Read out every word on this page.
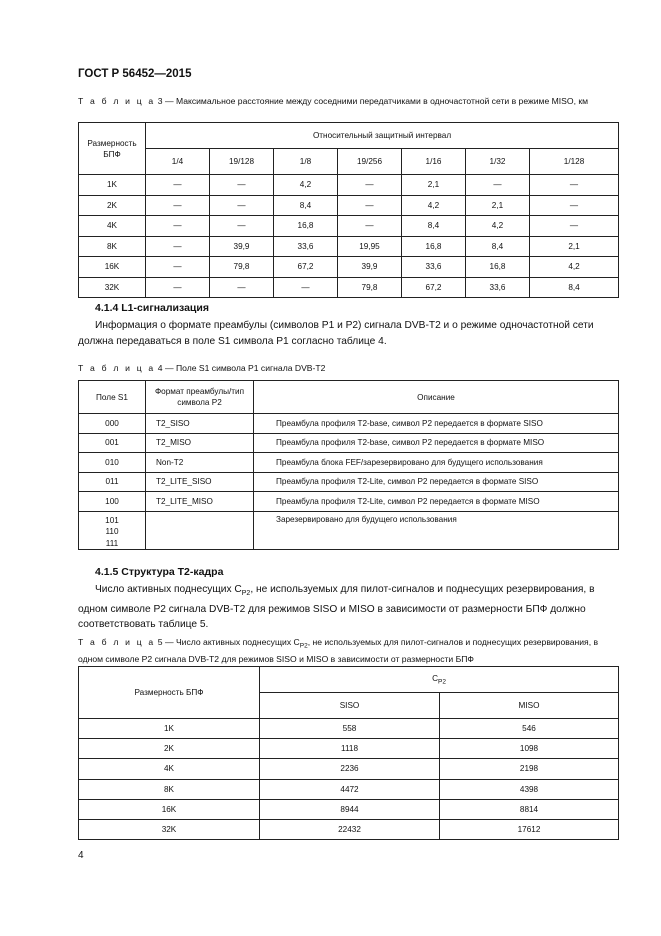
ГОСТ Р 56452—2015
Т а б л и ц а 3 — Максимальное расстояние между соседними передатчиками в одночастотной сети в режиме MISO, км
Размерность БПФ	Относительный защитный интервал						
	1/4	19/128	1/8	19/256	1/16	1/32	1/128
1K	—	—	4,2	—	2,1	—	—
2K	—	—	8,4	—	4,2	2,1	—
4K	—	—	16,8	—	8,4	4,2	—
8K	—	39,9	33,6	19,95	16,8	8,4	2,1
16K	—	79,8	67,2	39,9	33,6	16,8	4,2
32K	—	—	—	79,8	67,2	33,6	8,4
4.1.4 L1-сигнализация
Информация о формате преамбулы (символов P1 и P2) сигнала DVB-T2 и о режиме одночастотной сети должна передаваться в поле S1 символа P1 согласно таблице 4.
Т а б л и ц а 4 — Поле S1 символа P1 сигнала DVB-T2
Поле S1	Формат преамбулы/тип символа P2	Описание
000	T2_SISO	Преамбула профиля T2-base, символ P2 передается в формате SISO
001	T2_MISO	Преамбула профиля T2-base, символ P2 передается в формате MISO
010	Non-T2	Преамбула блока FEF/зарезервировано для будущего использования
011	T2_LITE_SISO	Преамбула профиля T2-Lite, символ P2 передается в формате SISO
100	T2_LITE_MISO	Преамбула профиля T2-Lite, символ P2 передается в формате MISO

101
110
111		Зарезервировано для будущего использования
4.1.5 Структура T2-кадра
Число активных поднесущих $C_{P2}$, не используемых для пилот-сигналов и поднесущих резервирования, в одном символе P2 сигнала DVB-T2 для режимов SISO и MISO в зависимости от размерности БПФ должно соответствовать таблице 5.
Т а б л и ц а 5 — Число активных поднесущих $C_{P2}$, не используемых для пилот-сигналов и поднесущих резервирования, в одном символе P2 сигнала DVB-T2 для режимов SISO и MISO в зависимости от размерности БПФ
Размерность БПФ	$C_{P2}$
	SISO	MISO
1K	558	546
2K	1118	1098
4K	2236	2198
8K	4472	4398
16K	8944	8814
32K	22432	17612
4
